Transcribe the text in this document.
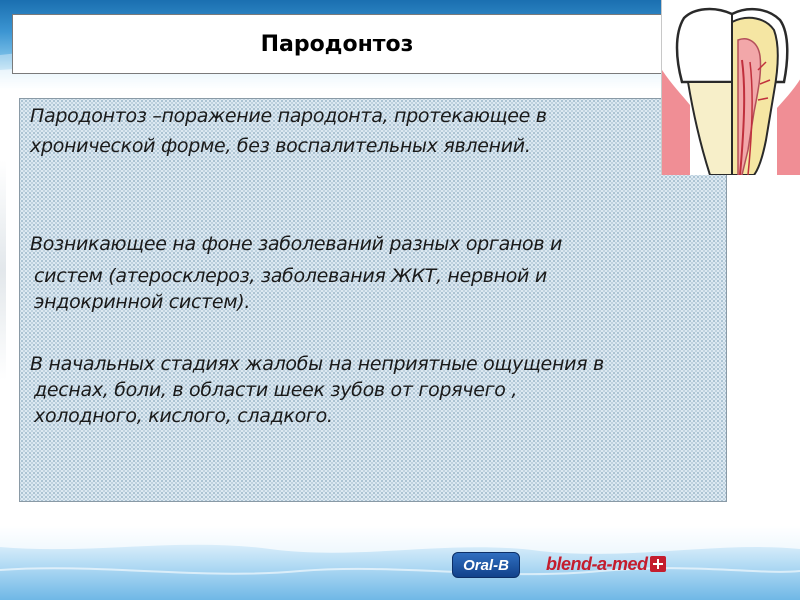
Пародонтоз

Пародонтоз –поражение пародонта, протекающее в

хронической форме, без воспалительных явлений.

Возникающее на фоне заболеваний разных органов и

систем (атеросклероз, заболевания ЖКТ, нервной и

эндокринной систем).

В начальных стадиях жалобы на неприятные ощущения в

деснах, боли, в области шеек зубов от горячего ,

холодного, кислого, сладкого.

Oral-B blend-a-med
